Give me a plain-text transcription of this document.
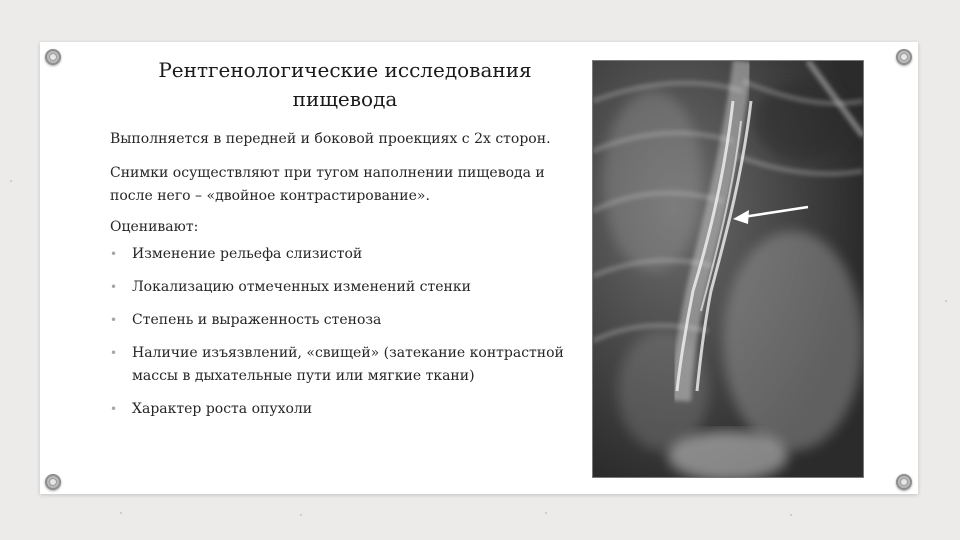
Рентгенологические исследования пищевода
Выполняется в передней и боковой проекциях с 2х сторон.
Снимки осуществляют при тугом наполнении пищевода и после него – «двойное контрастирование».
Оценивают:
• Изменение рельефа слизистой
• Локализацию отмеченных изменений стенки
• Степень и выраженность стеноза
• Наличие изъязвлений, «свищей» (затекание контрастной массы в дыхательные пути или мягкие ткани)
• Характер роста опухоли
